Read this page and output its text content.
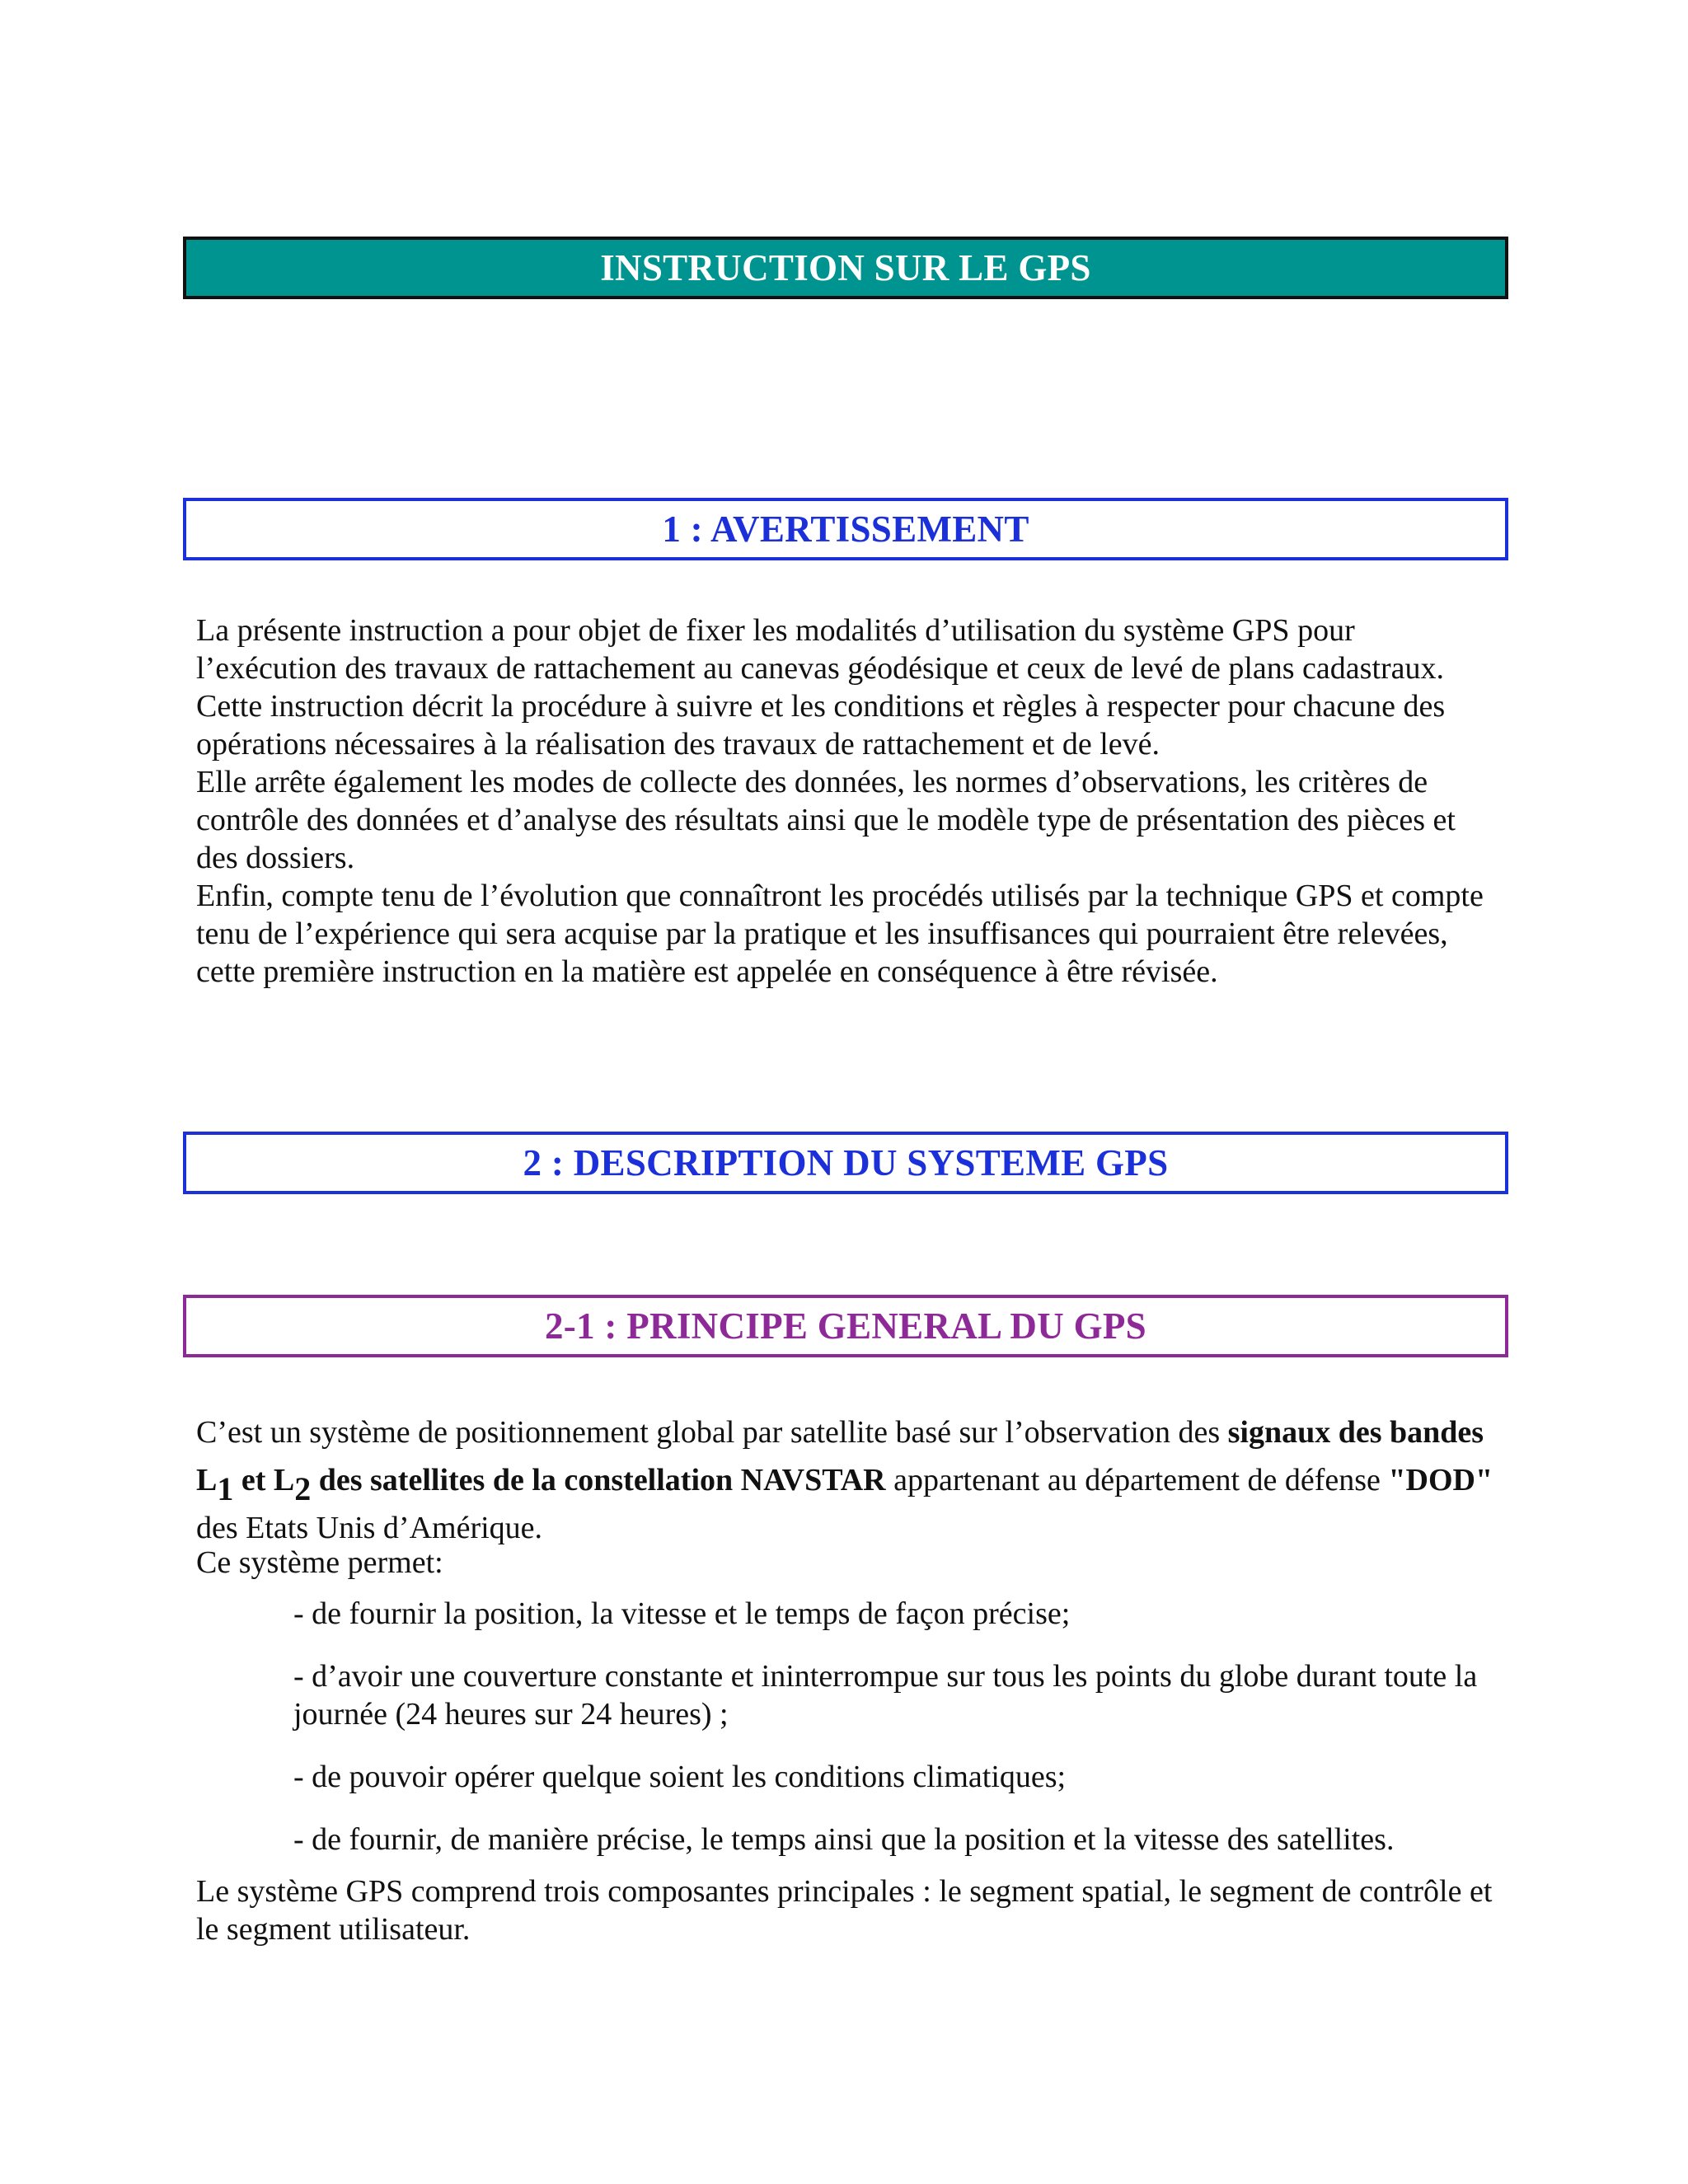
INSTRUCTION SUR LE GPS
1 : AVERTISSEMENT

La présente instruction a pour objet de fixer les modalités d’utilisation du système GPS pour l’exécution des travaux de rattachement au canevas géodésique et ceux de levé de plans cadastraux.

Cette instruction décrit la procédure à suivre et les conditions et règles à respecter pour chacune des opérations nécessaires à la réalisation des travaux de rattachement et de levé.

Elle arrête également les modes de collecte des données, les normes d’observations, les critères de contrôle des données et d’analyse des résultats ainsi que le modèle type de présentation des pièces et des dossiers.

Enfin, compte tenu de l’évolution que connaîtront les procédés utilisés par la technique GPS et compte tenu de l’expérience qui sera acquise par la pratique et les insuffisances qui pourraient être relevées, cette première instruction en la matière est appelée en conséquence à être révisée.

2 : DESCRIPTION DU SYSTEME GPS
2-1 : PRINCIPE GENERAL DU GPS

C’est un système de positionnement global par satellite basé sur l’observation des signaux des bandes $L_1$ et $L_2$ des satellites de la constellation NAVSTAR appartenant au département de défense "DOD" des Etats Unis d’Amérique.

Ce système permet:

- de fournir la position, la vitesse et le temps de façon précise;

- d’avoir une couverture constante et ininterrompue sur tous les points du globe durant toute la journée (24 heures sur 24 heures) ;

- de pouvoir opérer quelque soient les conditions climatiques;

- de fournir, de manière précise, le temps ainsi que la position et la vitesse des satellites.

Le système GPS comprend trois composantes principales : le segment spatial, le segment de contrôle et le segment utilisateur.
